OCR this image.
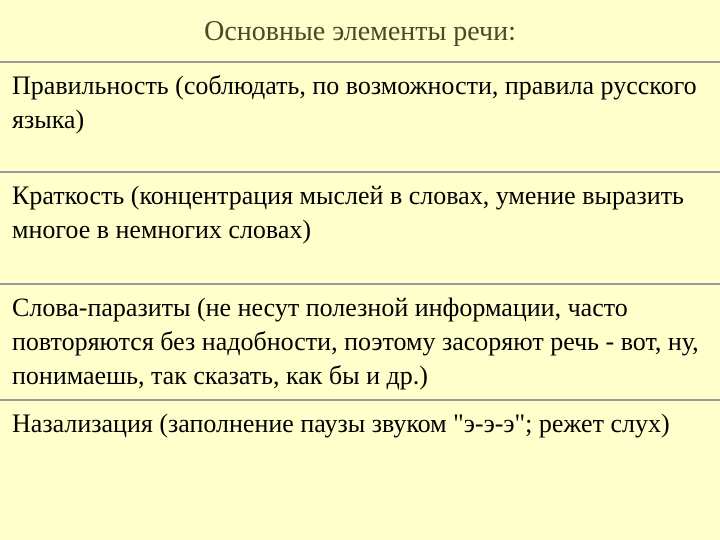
Основные элементы речи:
Правильность (соблюдать, по возможности, правила русского языка)
Краткость (концентрация мыслей в словах, умение выразить многое в немногих словах)
Слова-паразиты (не несут полезной информации, часто повторяются без надобности, поэтому засоряют речь - вот, ну, понимаешь, так сказать, как бы и др.)
Назализация (заполнение паузы звуком "э-э-э"; режет слух)
